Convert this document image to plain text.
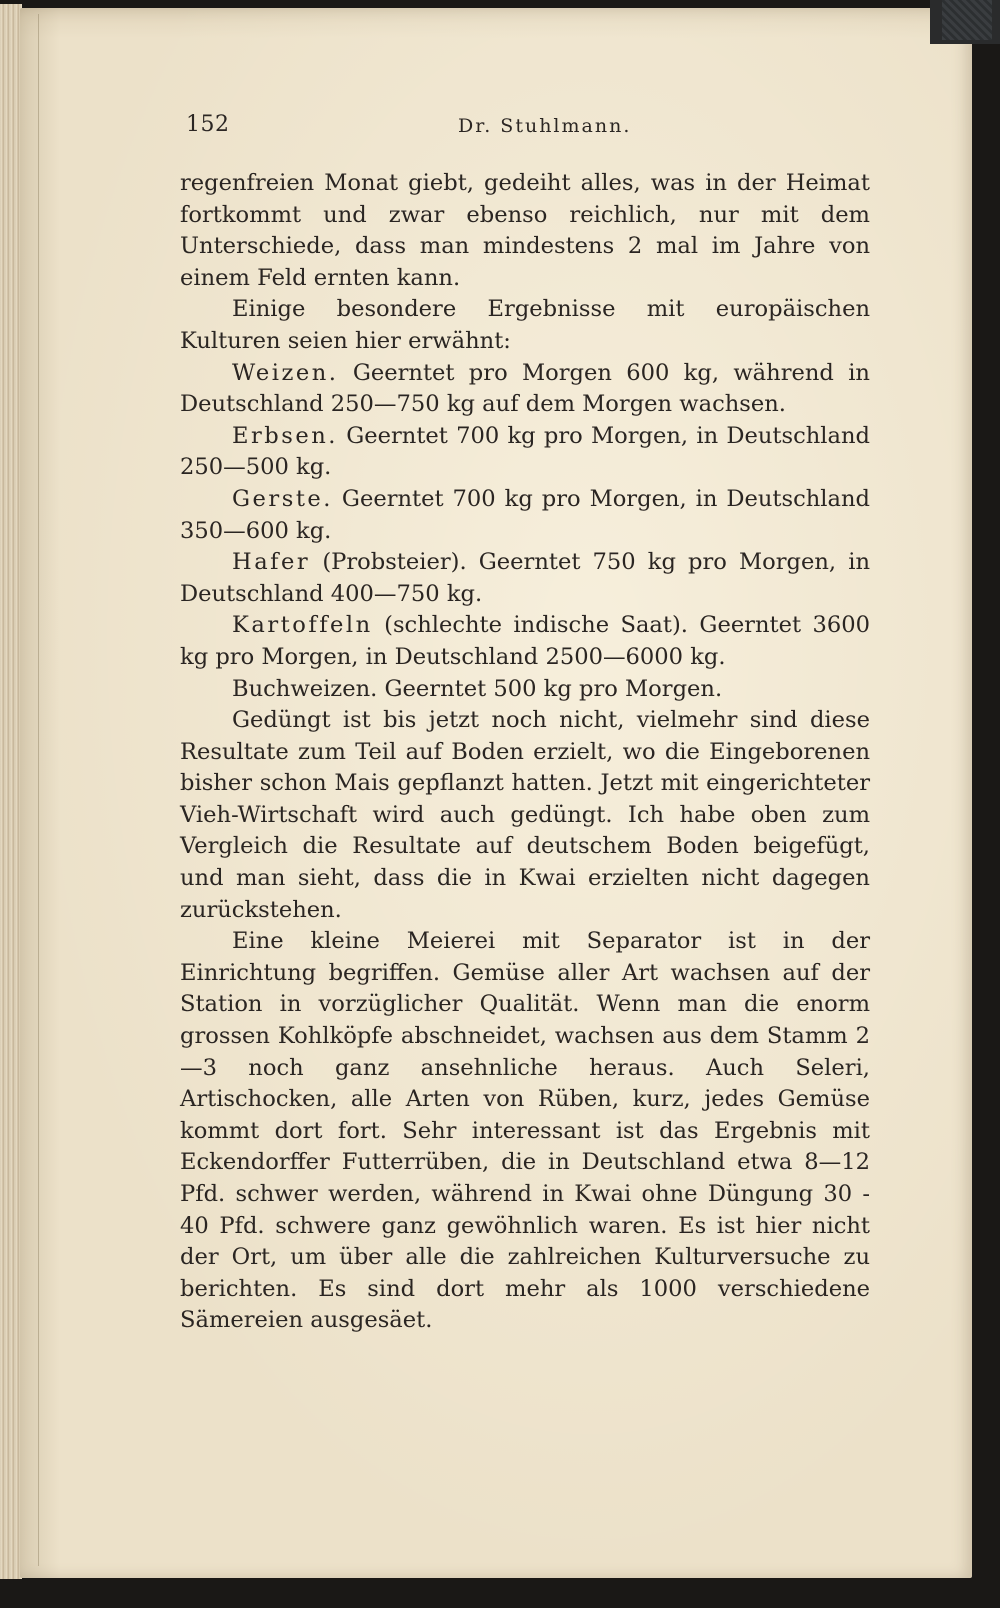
152	Dr. Stuhlmann.

regenfreien Monat giebt, gedeiht alles, was in der Heimat fortkommt und zwar ebenso reichlich, nur mit dem Unterschiede, dass man mindestens 2 mal im Jahre von einem Feld ernten kann.

Einige besondere Ergebnisse mit europäischen Kulturen seien hier erwähnt:

Weizen. Geerntet pro Morgen 600 kg, während in Deutschland 250—750 kg auf dem Morgen wachsen.

Erbsen. Geerntet 700 kg pro Morgen, in Deutschland 250—500 kg.

Gerste. Geerntet 700 kg pro Morgen, in Deutschland 350—600 kg.

Hafer (Probsteier). Geerntet 750 kg pro Morgen, in Deutschland 400—750 kg.

Kartoffeln (schlechte indische Saat). Geerntet 3600 kg pro Morgen, in Deutschland 2500—6000 kg.

Buchweizen. Geerntet 500 kg pro Morgen.

Gedüngt ist bis jetzt noch nicht, vielmehr sind diese Resultate zum Teil auf Boden erzielt, wo die Eingeborenen bisher schon Mais gepflanzt hatten. Jetzt mit eingerichteter Vieh-Wirtschaft wird auch gedüngt. Ich habe oben zum Vergleich die Resultate auf deutschem Boden beigefügt, und man sieht, dass die in Kwai erzielten nicht dagegen zurückstehen.

Eine kleine Meierei mit Separator ist in der Einrichtung begriffen. Gemüse aller Art wachsen auf der Station in vorzüglicher Qualität. Wenn man die enorm grossen Kohlköpfe abschneidet, wachsen aus dem Stamm 2—3 noch ganz ansehnliche heraus. Auch Seleri, Artischocken, alle Arten von Rüben, kurz, jedes Gemüse kommt dort fort. Sehr interessant ist das Ergebnis mit Eckendorffer Futterrüben, die in Deutschland etwa 8—12 Pfd. schwer werden, während in Kwai ohne Düngung 30 - 40 Pfd. schwere ganz gewöhnlich waren. Es ist hier nicht der Ort, um über alle die zahlreichen Kulturversuche zu berichten. Es sind dort mehr als 1000 verschiedene Sämereien ausgesäet.
